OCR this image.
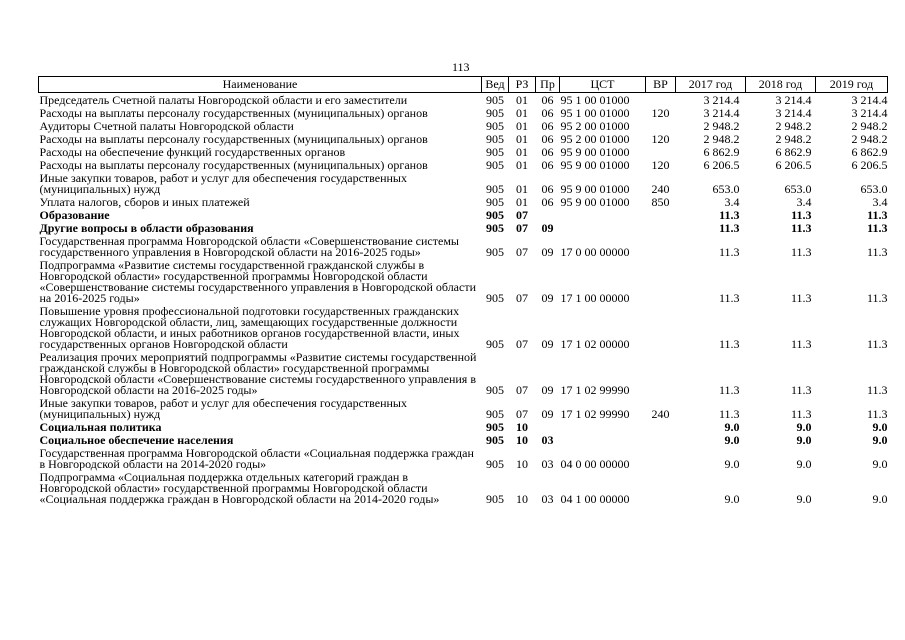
113
Наименование	Вед	РЗ	Пр	ЦСТ	ВР	2017 год	2018 год	2019 год
Председатель Счетной палаты Новгородской области и его заместители	905	01	06	95 1 00 01000		3 214.4	3 214.4	3 214.4
Расходы на выплаты персоналу государственных (муниципальных) органов	905	01	06	95 1 00 01000	120	3 214.4	3 214.4	3 214.4
Аудиторы Счетной палаты Новгородской области	905	01	06	95 2 00 01000		2 948.2	2 948.2	2 948.2
Расходы на выплаты персоналу государственных (муниципальных) органов	905	01	06	95 2 00 01000	120	2 948.2	2 948.2	2 948.2
Расходы на обеспечение функций государственных органов	905	01	06	95 9 00 01000		6 862.9	6 862.9	6 862.9
Расходы на выплаты персоналу государственных (муниципальных) органов	905	01	06	95 9 00 01000	120	6 206.5	6 206.5	6 206.5
Иные закупки товаров, работ и услуг для обеспечения государственных (муниципальных) нужд	905	01	06	95 9 00 01000	240	653.0	653.0	653.0
Уплата налогов, сборов и иных платежей	905	01	06	95 9 00 01000	850	3.4	3.4	3.4
Образование	905	07				11.3	11.3	11.3
Другие вопросы в области образования	905	07	09			11.3	11.3	11.3
Государственная программа Новгородской области «Совершенствование системы государственного управления в Новгородской области на 2016-2025 годы»	905	07	09	17 0 00 00000		11.3	11.3	11.3
Подпрограмма «Развитие системы государственной гражданской службы в Новгородской области» государственной программы Новгородской области «Совершенствование системы государственного управления в Новгородской области на 2016-2025 годы»	905	07	09	17 1 00 00000		11.3	11.3	11.3
Повышение уровня профессиональной подготовки государственных гражданских служащих Новгородской области, лиц, замещающих государственные должности Новгородской области, и иных работников органов государственной власти, иных государственных органов Новгородской области	905	07	09	17 1 02 00000		11.3	11.3	11.3
Реализация прочих мероприятий подпрограммы «Развитие системы государственной гражданской службы в Новгородской области» государственной программы Новгородской области «Совершенствование системы государственного управления в Новгородской области на 2016-2025 годы»	905	07	09	17 1 02 99990		11.3	11.3	11.3
Иные закупки товаров, работ и услуг для обеспечения государственных (муниципальных) нужд	905	07	09	17 1 02 99990	240	11.3	11.3	11.3
Социальная политика	905	10				9.0	9.0	9.0
Социальное обеспечение населения	905	10	03			9.0	9.0	9.0
Государственная программа Новгородской области «Социальная поддержка граждан в Новгородской области на 2014-2020 годы»	905	10	03	04 0 00 00000		9.0	9.0	9.0
Подпрограмма «Социальная поддержка отдельных категорий граждан в Новгородской области» государственной программы Новгородской области «Социальная поддержка граждан в Новгородской области на 2014-2020 годы»	905	10	03	04 1 00 00000		9.0	9.0	9.0
